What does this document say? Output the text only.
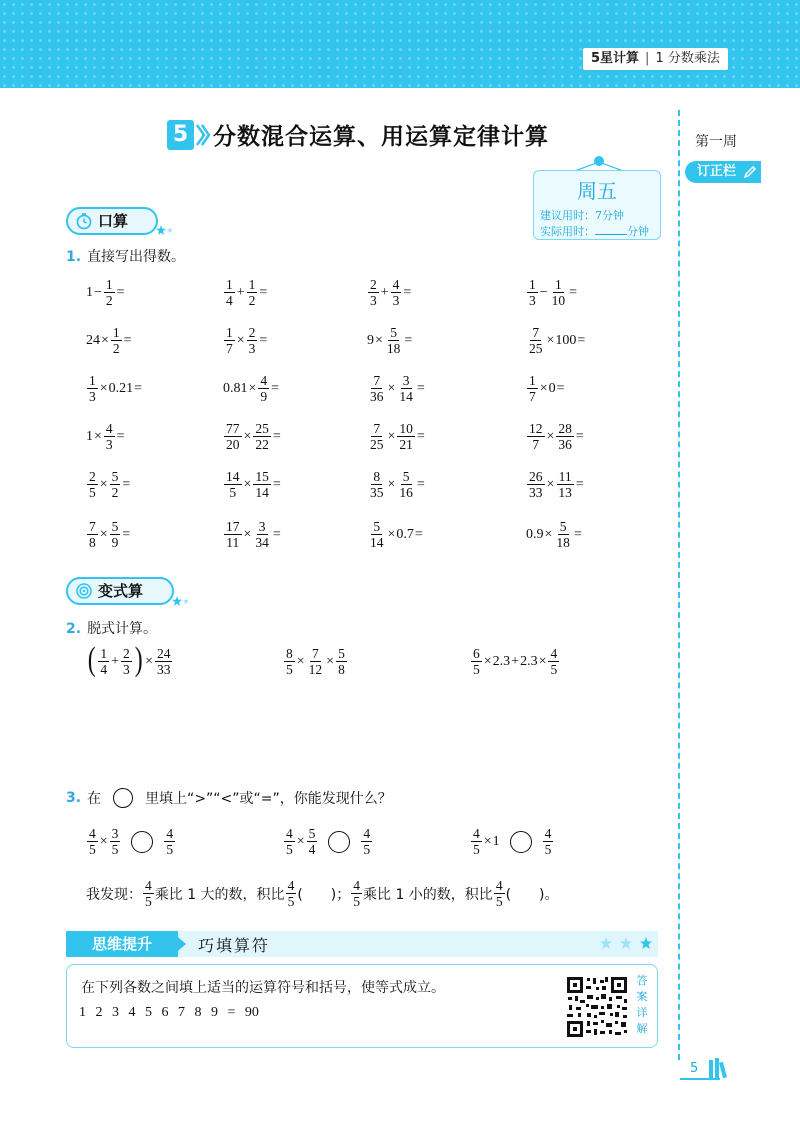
5星计算 | 1 分数乘法
第一周
订正栏
5 分数混合运算、用运算定律计算
周五
建议用时：7分钟
实际用时：	分钟
口算
1. 直接写出得数。
$1 - \frac{1}{2}$ =	$\frac{1}{4} + \frac{1}{2}$ =	$\frac{2}{3} + \frac{4}{3}$ =	$\frac{1}{3} - \frac{1}{10}$ =
$24 \times \frac{1}{2}$ =	$\frac{1}{7} \times \frac{2}{3}$ =	$9 \times \frac{5}{18}$ =	$\frac{7}{25} \times 100$ =
$\frac{1}{3} \times 0.21$ =	$0.81 \times \frac{4}{9}$ =	$\frac{7}{36} \times \frac{3}{14}$ =	$\frac{1}{7} \times 0$ =
$1 \times \frac{4}{3}$ =	$\frac{77}{20} \times \frac{25}{22}$ =	$\frac{7}{25} \times \frac{10}{21}$ =	$\frac{12}{7} \times \frac{28}{36}$ =
$\frac{2}{5} \times \frac{5}{2}$ =	$\frac{14}{5} \times \frac{15}{14}$ =	$\frac{8}{35} \times \frac{5}{16}$ =	$\frac{26}{33} \times \frac{11}{13}$ =
$\frac{7}{8} \times \frac{5}{9}$ =	$\frac{17}{11} \times \frac{3}{34}$ =	$\frac{5}{14} \times 0.7$ =	$0.9 \times \frac{5}{18}$ =
变式算
2. 脱式计算。
( $\frac{1}{4} + \frac{2}{3}$ ) × $\frac{24}{33}$	$\frac{8}{5} \times \frac{7}{12} \times \frac{5}{8}$	$\frac{6}{5} \times 2.3 + 2.3 \times \frac{4}{5}$
3. 在	里填上“>”“<”或“=”，你能发现什么？
$\frac{4}{5} \times \frac{3}{5}$	$\frac{4}{5}$	$\frac{4}{5} \times \frac{5}{4}$	$\frac{4}{5}$	$\frac{4}{5} \times 1$	$\frac{4}{5}$
我发现： $\frac{4}{5}$ 乘比 1 大的数，积比 $\frac{4}{5}$ (　　)； $\frac{4}{5}$ 乘比 1 小的数，积比 $\frac{4}{5}$ (　　)。
思维提升	巧填算符
在下列各数之间填上适当的运算符号和括号，使等式成立。
1 2 3 4 5 6 7 8 9 = 90
答
案
详
解
5
